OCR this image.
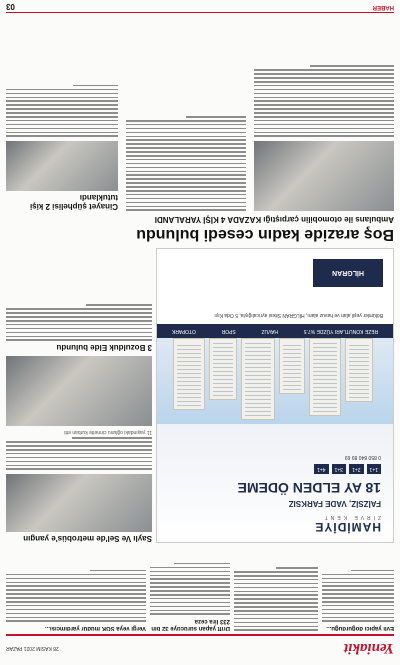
Yeniakit
28 KASIM 2021 PAZAR
Evli yapıcı doğurduğu...
Drift yapan sürücüye 32 bin 233 lira ceza
Vergi veya SGK müdür yardımcısı...
HAMİDİYE
ZİRVE KENT
FAİZSİZ, VADE FARKSIZ
18 AY ELDEN ÖDEME
1+1
2+1
3+1
4+1
0 850 840 89 69
REZE KONUTLARI YÜZDE %7.5
HAVUZ
SPOR
OTOPARK
Bölümler yeşil alan ve havuz alanı, HİLGRAN Sitesi ayrıcalığıyla, 5 Oda Kıyı
HİLGRAN
Saylı Ve Sel'de metrobüs'e yangın
11 yaşındaki oğlunu cinnette kurban etti
3 Bozulduk Elde bulundu
Boş arazide kadın cesedi bulundu
Ambulans ile otomobilin çarpıştığı KAZADA 4 KİŞİ YARALANDI
Cinayet şüphelisi 2 kişi tutuklandı
HABER
03
